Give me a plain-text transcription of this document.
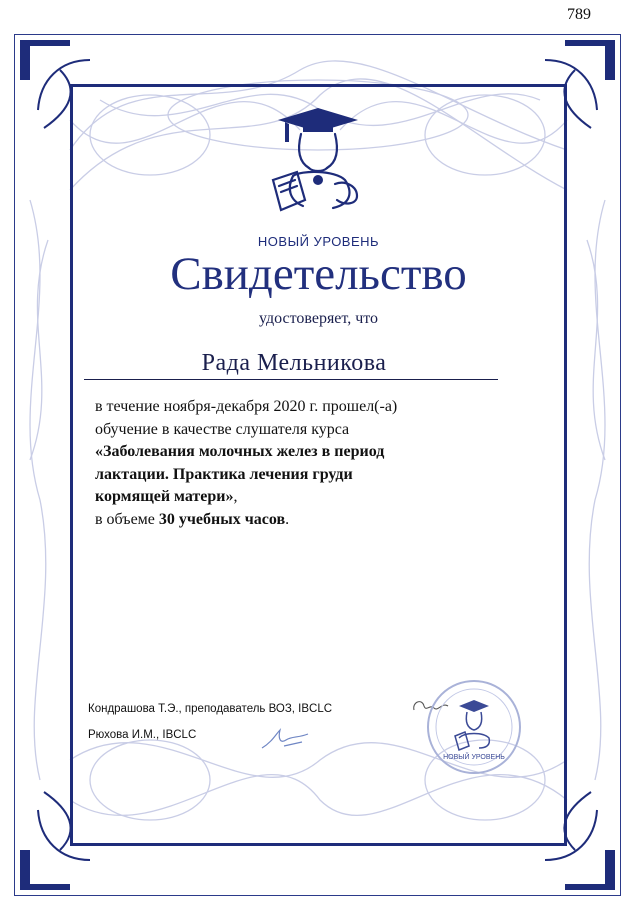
789
НОВЫЙ УРОВЕНЬ
Свидетельство
удостоверяет, что
Рада Мельникова
в течение ноября-декабря 2020 г. прошел(-а)
обучение в качестве слушателя курса
«Заболевания молочных желез в период
лактации. Практика лечения груди
кормящей матери»,
в объеме 30 учебных часов.
Кондрашова Т.Э., преподаватель ВОЗ, IBCLC
Рюхова И.М., IBCLC
НОВЫЙ УРОВЕНЬ
